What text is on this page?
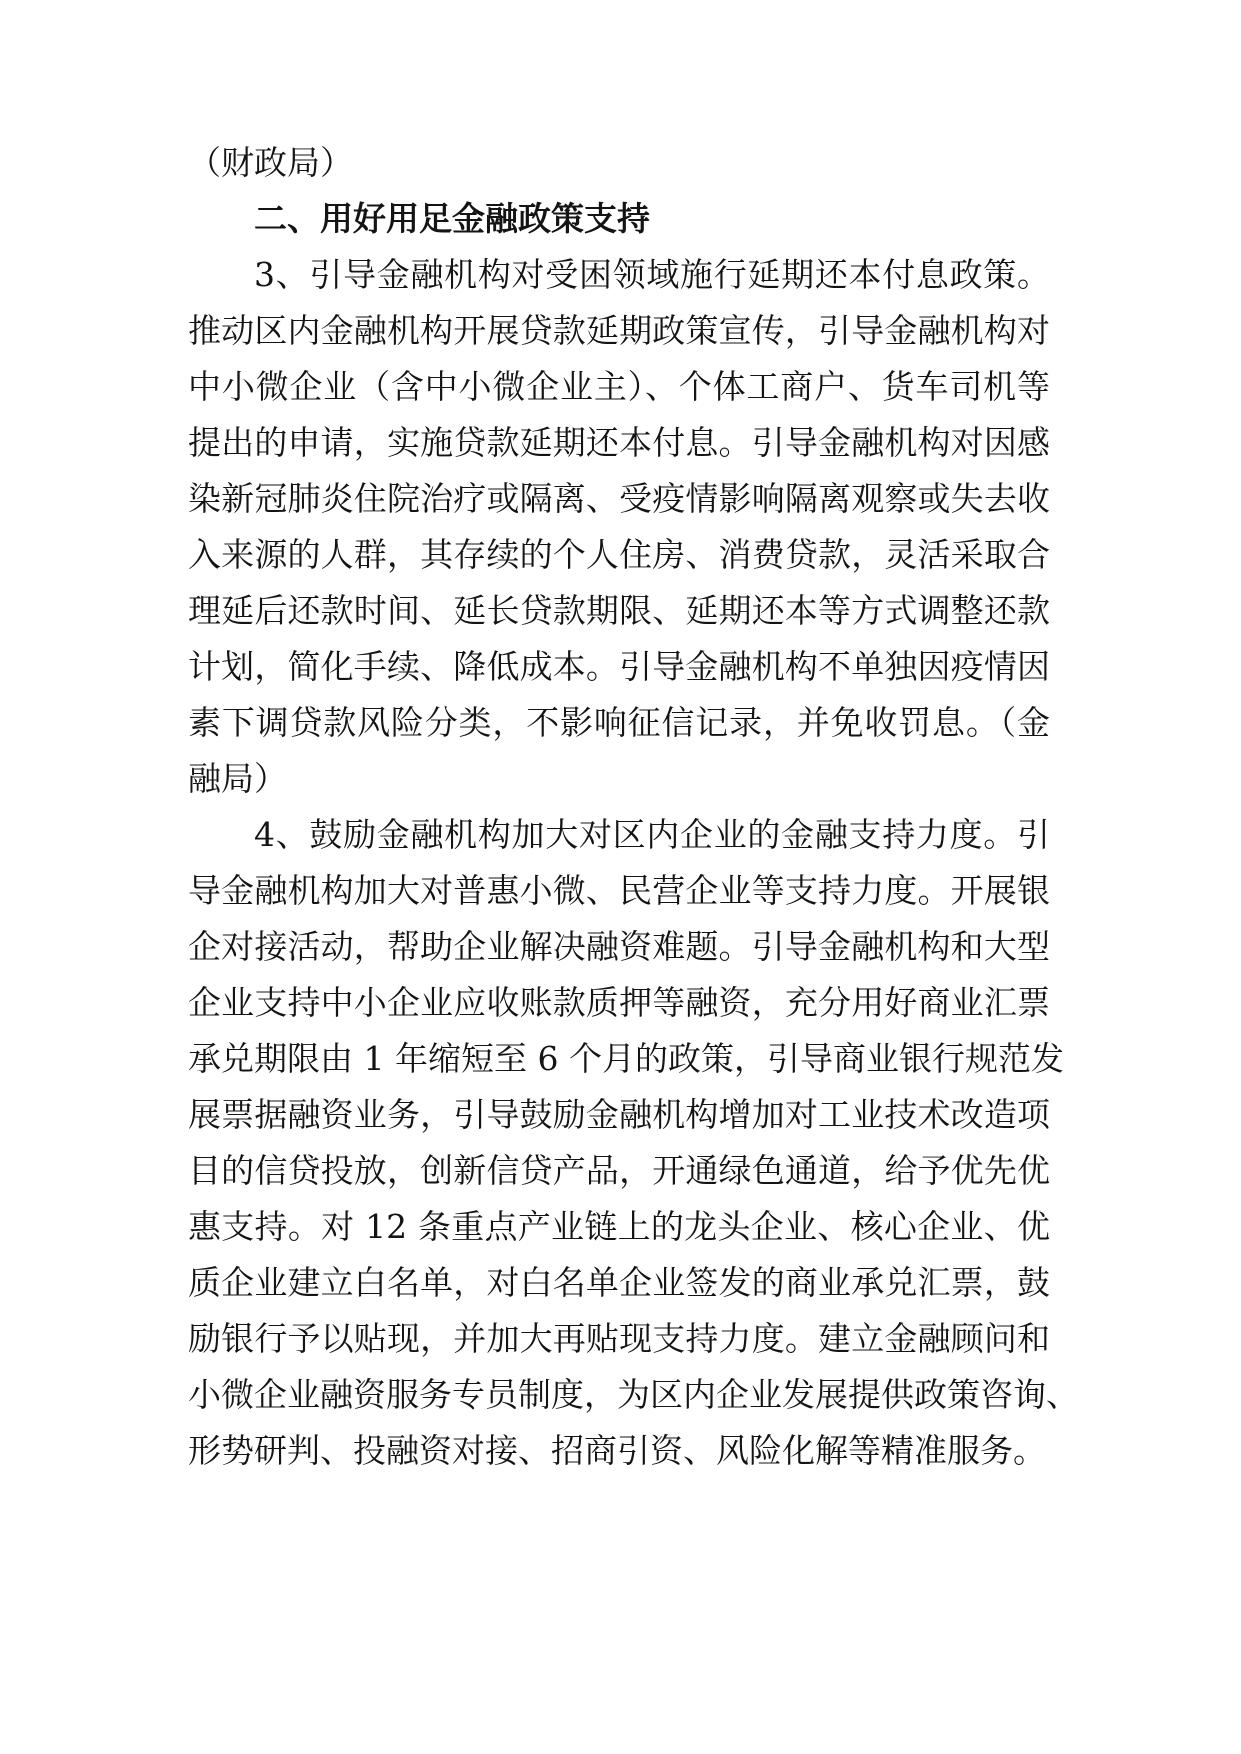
（财政局）
二、用好用足金融政策支持
3、引导金融机构对受困领域施行延期还本付息政策。
推动区内金融机构开展贷款延期政策宣传，引导金融机构对
中小微企业（含中小微企业主）、个体工商户、货车司机等
提出的申请，实施贷款延期还本付息。引导金融机构对因感
染新冠肺炎住院治疗或隔离、受疫情影响隔离观察或失去收
入来源的人群，其存续的个人住房、消费贷款，灵活采取合
理延后还款时间、延长贷款期限、延期还本等方式调整还款
计划，简化手续、降低成本。引导金融机构不单独因疫情因
素下调贷款风险分类，不影响征信记录，并免收罚息。（金
融局）
4、鼓励金融机构加大对区内企业的金融支持力度。引
导金融机构加大对普惠小微、民营企业等支持力度。开展银
企对接活动，帮助企业解决融资难题。引导金融机构和大型
企业支持中小企业应收账款质押等融资，充分用好商业汇票
承兑期限由 1 年缩短至 6 个月的政策，引导商业银行规范发
展票据融资业务，引导鼓励金融机构增加对工业技术改造项
目的信贷投放，创新信贷产品，开通绿色通道，给予优先优
惠支持。对 12 条重点产业链上的龙头企业、核心企业、优
质企业建立白名单，对白名单企业签发的商业承兑汇票，鼓
励银行予以贴现，并加大再贴现支持力度。建立金融顾问和
小微企业融资服务专员制度，为区内企业发展提供政策咨询、
形势研判、投融资对接、招商引资、风险化解等精准服务。
